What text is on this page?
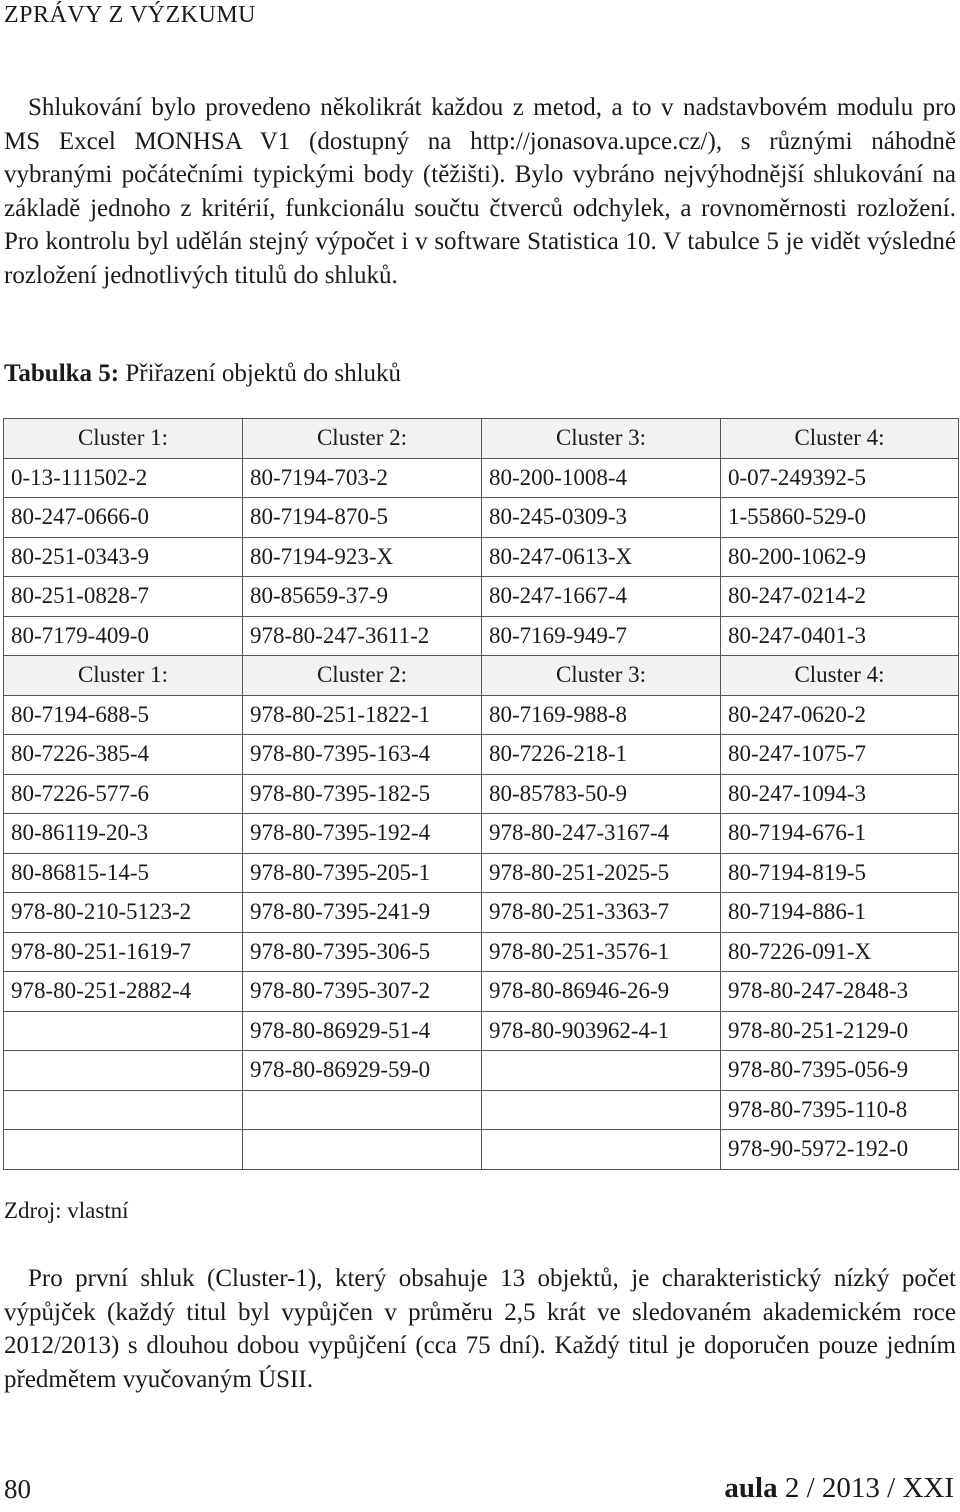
ZPRÁVY Z VÝZKUMU

Shlukování bylo provedeno několikrát každou z metod, a to v nadstavbovém modulu pro MS Excel MONHSA V1 (dostupný na http://jonasova.upce.cz/), s různými náhodně vybranými počátečními typickými body (těžišti). Bylo vybráno nejvýhodnější shlukování na základě jednoho z kritérií, funkcionálu součtu čtverců odchylek, a rovnoměrnosti rozložení. Pro kontrolu byl udělán stejný výpočet i v software Statistica 10. V tabulce 5 je vidět výsledné rozložení jednotlivých titulů do shluků.

Tabulka 5: Přiřazení objektů do shluků
Cluster 1:	Cluster 2:	Cluster 3:	Cluster 4:
0-13-111502-2	80-7194-703-2	80-200-1008-4	0-07-249392-5
80-247-0666-0	80-7194-870-5	80-245-0309-3	1-55860-529-0
80-251-0343-9	80-7194-923-X	80-247-0613-X	80-200-1062-9
80-251-0828-7	80-85659-37-9	80-247-1667-4	80-247-0214-2
80-7179-409-0	978-80-247-3611-2	80-7169-949-7	80-247-0401-3
Cluster 1:	Cluster 2:	Cluster 3:	Cluster 4:
80-7194-688-5	978-80-251-1822-1	80-7169-988-8	80-247-0620-2
80-7226-385-4	978-80-7395-163-4	80-7226-218-1	80-247-1075-7
80-7226-577-6	978-80-7395-182-5	80-85783-50-9	80-247-1094-3
80-86119-20-3	978-80-7395-192-4	978-80-247-3167-4	80-7194-676-1
80-86815-14-5	978-80-7395-205-1	978-80-251-2025-5	80-7194-819-5
978-80-210-5123-2	978-80-7395-241-9	978-80-251-3363-7	80-7194-886-1
978-80-251-1619-7	978-80-7395-306-5	978-80-251-3576-1	80-7226-091-X
978-80-251-2882-4	978-80-7395-307-2	978-80-86946-26-9	978-80-247-2848-3
	978-80-86929-51-4	978-80-903962-4-1	978-80-251-2129-0
	978-80-86929-59-0		978-80-7395-056-9
			978-80-7395-110-8
			978-90-5972-192-0
Zdroj: vlastní

Pro první shluk (Cluster-1), který obsahuje 13 objektů, je charakteristický nízký počet výpůjček (každý titul byl vypůjčen v průměru 2,5 krát ve sledovaném akademickém roce 2012/2013) s dlouhou dobou vypůjčení (cca 75 dní). Každý titul je doporučen pouze jedním předmětem vyučovaným ÚSII.

80	aula 2 / 2013 / XXI
